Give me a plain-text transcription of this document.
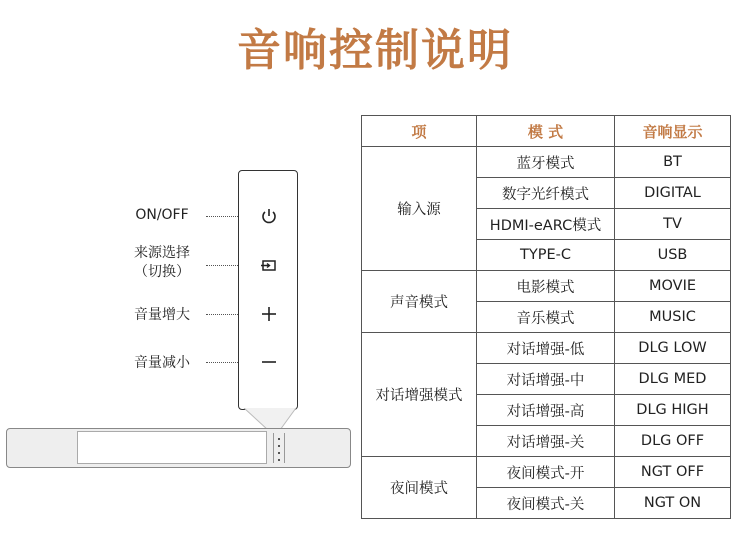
音响控制说明
ON/OFF
来源选择
（切换）
音量增大
音量减小
项	模 式	音响显示
输入源	蓝牙模式	BT
	数字光纤模式	DIGITAL
	HDMI-eARC模式	TV
	TYPE-C	USB
声音模式	电影模式	MOVIE
	音乐模式	MUSIC
对话增强模式	对话增强-低	DLG LOW
	对话增强-中	DLG MED
	对话增强-高	DLG HIGH
	对话增强-关	DLG OFF
夜间模式	夜间模式-开	NGT OFF
	夜间模式-关	NGT ON
